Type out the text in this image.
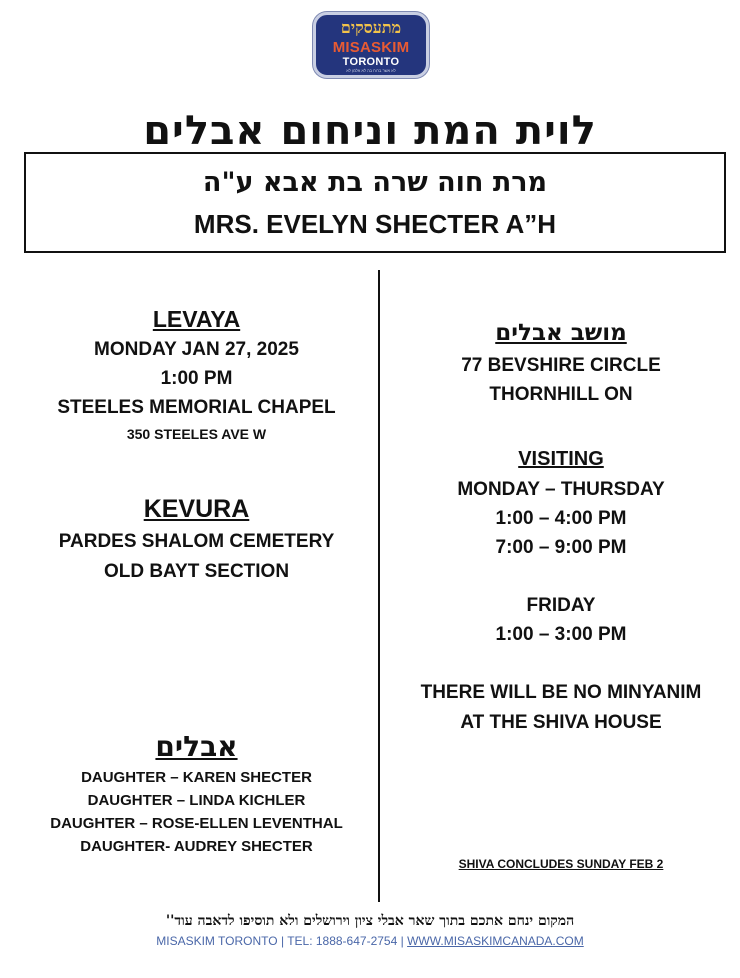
מתעסקים
MISASKIM
TORONTO
לא אשר ברוח בה לא אלמן לא
לוית המת וניחום אבלים
מרת חוה שרה בת אבא ע"ה
MRS. EVELYN SHECTER A”H
LEVAYA
MONDAY JAN 27, 2025
1:00 PM
STEELES MEMORIAL CHAPEL
350 STEELES AVE W
KEVURA
PARDES SHALOM CEMETERY
OLD BAYT SECTION
אבלים
DAUGHTER – KAREN SHECTER
DAUGHTER – LINDA KICHLER
DAUGHTER – ROSE-ELLEN LEVENTHAL
DAUGHTER- AUDREY SHECTER
מושב אבלים
77 BEVSHIRE CIRCLE
THORNHILL ON
VISITING
MONDAY – THURSDAY
1:00 – 4:00 PM
7:00 – 9:00 PM
FRIDAY
1:00 – 3:00 PM
THERE WILL BE NO MINYANIM
AT THE SHIVA HOUSE
SHIVA CONCLUDES SUNDAY FEB 2
המקום ינחם אתכם בתוך שאר אבלי ציון וירושלים ולא תוסיפו לדאבה עוד''
MISASKIM TORONTO | TEL: 1888-647-2754 | WWW.MISASKIMCANADA.COM
